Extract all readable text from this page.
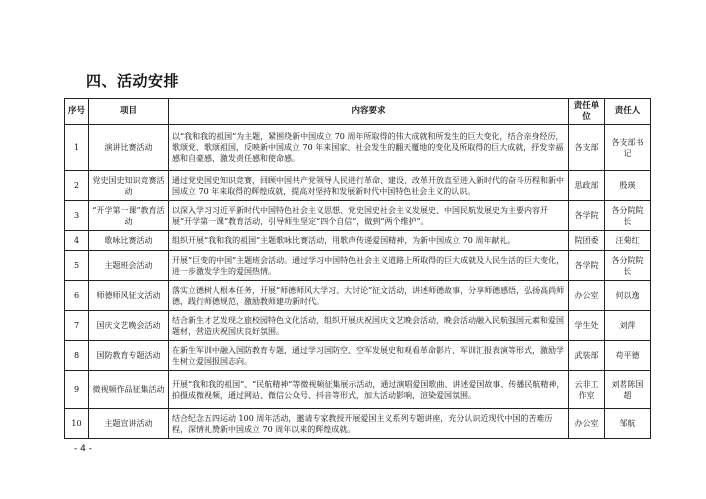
四、活动安排
序号	项目	内容要求	责任单位	责任人
1	演讲比赛活动	以“我和我的祖国”为主题，紧围绕新中国成立 70 周年所取得的伟大成就和所发生的巨大变化，结合亲身经历，歌颂党、歌颂祖国，反映新中国成立 70 年来国家、社会发生的翻天覆地的变化及所取得的巨大成就，抒发幸福感和自豪感，激发责任感和使命感。	各支部	各支部书记
2	党史国史知识竞赛活动	通过党史国史知识竞赛，回顾中国共产党领导人民进行革命、建设、改革开放直至进入新时代的奋斗历程和新中国成立 70 年来取得的辉煌成就，提高对坚持和发展新时代中国特色社会主义的认识。	思政部	殷瑛
3	“开学第一课”教育活动	以深入学习习近平新时代中国特色社会主义思想、党史国史社会主义发展史、中国民航发展史为主要内容开展“开学第一课”教育活动，引导师生坚定“四个自信”，做到“两个维护”。	各学院	各分院院长
4	歌咏比赛活动	组织开展“我和我的祖国”主题歌咏比赛活动，用歌声传递爱国精神，为新中国成立 70 周年献礼。	院团委	汪菊红
5	主题班会活动	开展“巨变的中国”主题班会活动。通过学习中国特色社会主义道路上所取得的巨大成就及人民生活的巨大变化，进一步激发学生的爱国热情。	各学院	各分院院长
6	师德师风征文活动	落实立德树人根本任务，开展“师德师风大学习、大讨论”征文活动，讲述师德故事，分享师德感悟，弘扬高尚师德，践行师德规范，激励教师建功新时代。	办公室	何以逸
7	国庆文艺晚会活动	结合新生才艺发现之旅校园特色文化活动，组织开展庆祝国庆文艺晚会活动，晚会活动融入民航强国元素和爱国题材，营造庆祝国庆良好氛围。	学生处	刘萍
8	国防教育专题活动	在新生军训中融入国防教育专题，通过学习国防空、空军发展史和观看革命影片、军训汇报表演等形式，激励学生树立爱国报国志向。	武装部	苟平德
9	微视频作品征集活动	开展“我和我的祖国”、“民航精神”等微视频征集展示活动，通过演唱爱国歌曲、讲述爱国故事、传播民航精神，拍摄成微视频，通过网站、微信公众号、抖音等形式，加大活动影响，渲染爱国氛围。	云非工作室	刘茗陈国超
10	主题宣讲活动	结合纪念五四运动 100 周年活动，邀请专家教授开展爱国主义系列专题讲座，充分认识近现代中国的苦难历程，深情礼赞新中国成立 70 周年以来的辉煌成就。	办公室	邹航
- 4 -
